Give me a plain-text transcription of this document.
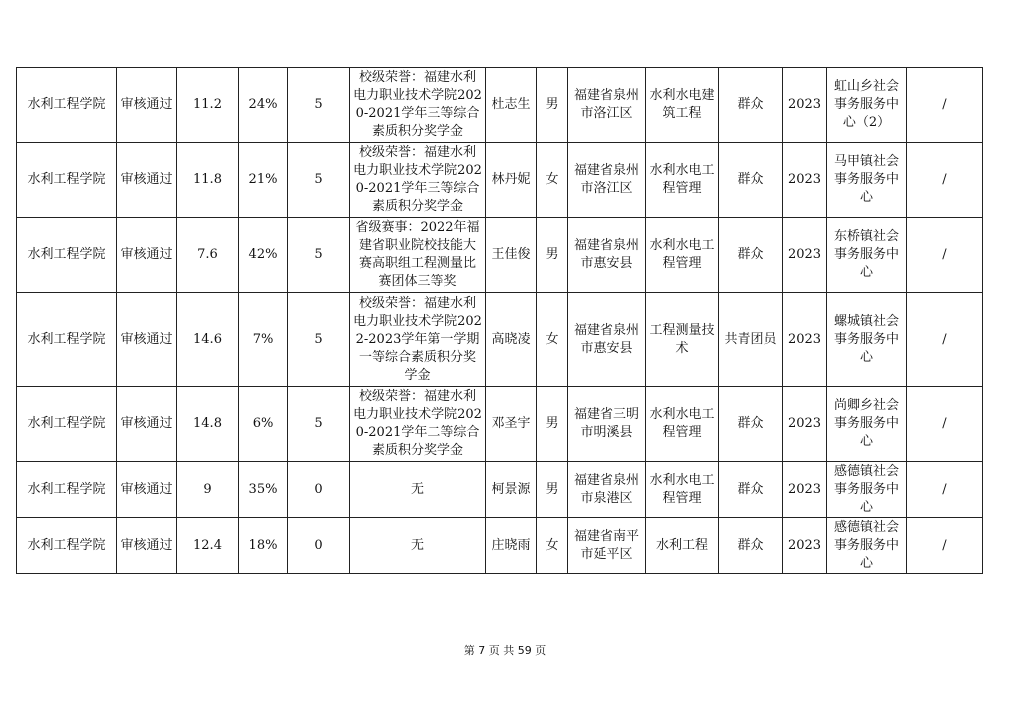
水利工程学院	审核通过	11.2	24%	5	校级荣誉：福建水利电力职业技术学院2020-2021学年三等综合素质积分奖学金	杜志生	男	福建省泉州市洛江区	水利水电建筑工程	群众	2023	虹山乡社会事务服务中心（2）	/
水利工程学院	审核通过	11.8	21%	5	校级荣誉：福建水利电力职业技术学院2020-2021学年三等综合素质积分奖学金	林丹妮	女	福建省泉州市洛江区	水利水电工程管理	群众	2023	马甲镇社会事务服务中心	/
水利工程学院	审核通过	7.6	42%	5	省级赛事：2022年福建省职业院校技能大赛高职组工程测量比赛团体三等奖	王佳俊	男	福建省泉州市惠安县	水利水电工程管理	群众	2023	东桥镇社会事务服务中心	/
水利工程学院	审核通过	14.6	7%	5	校级荣誉：福建水利电力职业技术学院2022-2023学年第一学期一等综合素质积分奖学金	高晓凌	女	福建省泉州市惠安县	工程测量技术	共青团员	2023	螺城镇社会事务服务中心	/
水利工程学院	审核通过	14.8	6%	5	校级荣誉：福建水利电力职业技术学院2020-2021学年二等综合素质积分奖学金	邓圣宇	男	福建省三明市明溪县	水利水电工程管理	群众	2023	尚卿乡社会事务服务中心	/
水利工程学院	审核通过	9	35%	0	无	柯景源	男	福建省泉州市泉港区	水利水电工程管理	群众	2023	感德镇社会事务服务中心	/
水利工程学院	审核通过	12.4	18%	0	无	庄晓雨	女	福建省南平市延平区	水利工程	群众	2023	感德镇社会事务服务中心	/
第 7 页 共 59 页
